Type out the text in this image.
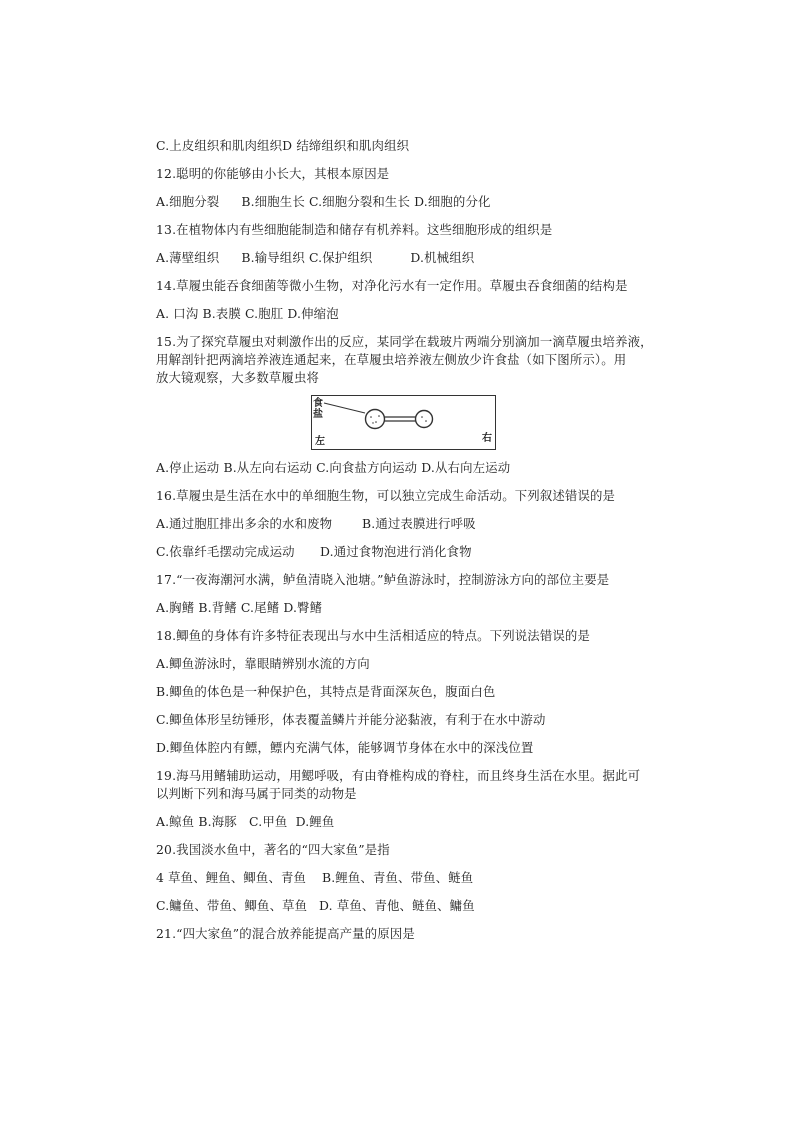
C.上皮组织和肌肉组织D 结缔组织和肌肉组织
12.聪明的你能够由小长大，其根本原因是
A.细胞分裂 B.细胞生长 C.细胞分裂和生长 D.细胞的分化
13.在植物体内有些细胞能制造和储存有机养料。这些细胞形成的组织是
A.薄壁组织 B.输导组织 C.保护组织	D.机械组织
14.草履虫能吞食细菌等微小生物，对净化污水有一定作用。草履虫吞食细菌的结构是
A. 口沟 B.表膜 C.胞肛 D.伸缩泡
15.为了探究草履虫对刺激作出的反应，某同学在载玻片两端分别滴加一滴草履虫培养液，
用解剖针把两滴培养液连通起来，在草履虫培养液左侧放少许食盐（如下图所示）。用
放大镜观察，大多数草履虫将
食
盐
左	右
A.停止运动 B.从左向右运动 C.向食盐方向运动 D.从右向左运动
16.草履虫是生活在水中的单细胞生物，可以独立完成生命活动。下列叙述错误的是
A.通过胞肛排出多余的水和废物 B.通过表膜进行呼吸
C.依靠纤毛摆动完成运动 D.通过食物泡进行消化食物
17.“一夜海潮河水满，鲈鱼清晓入池塘。”鲈鱼游泳时，控制游泳方向的部位主要是
A.胸鳍 B.背鳍 C.尾鳍 D.臀鳍
18.鲫鱼的身体有许多特征表现出与水中生活相适应的特点。下列说法错误的是
A.鲫鱼游泳时，靠眼睛辨别水流的方向
B.鲫鱼的体色是一种保护色，其特点是背面深灰色，腹面白色
C.鲫鱼体形呈纺锤形，体表覆盖鳞片并能分泌黏液，有利于在水中游动
D.鲫鱼体腔内有鳔，鳔内充满气体，能够调节身体在水中的深浅位置
19.海马用鳍辅助运动，用鳃呼吸，有由脊椎构成的脊柱，而且终身生活在水里。据此可
以判断下列和海马属于同类的动物是
A.鲸鱼 B.海豚   C.甲鱼  D.鲤鱼
20.我国淡水鱼中，著名的“四大家鱼”是指
4 草鱼、鲤鱼、鲫鱼、青鱼 B.鲤鱼、青鱼、带鱼、鲢鱼
C.鳙鱼、带鱼、鲫鱼、草鱼 D. 草鱼、青他、鲢鱼、鳙鱼
21.“四大家鱼”的混合放养能提高产量的原因是
